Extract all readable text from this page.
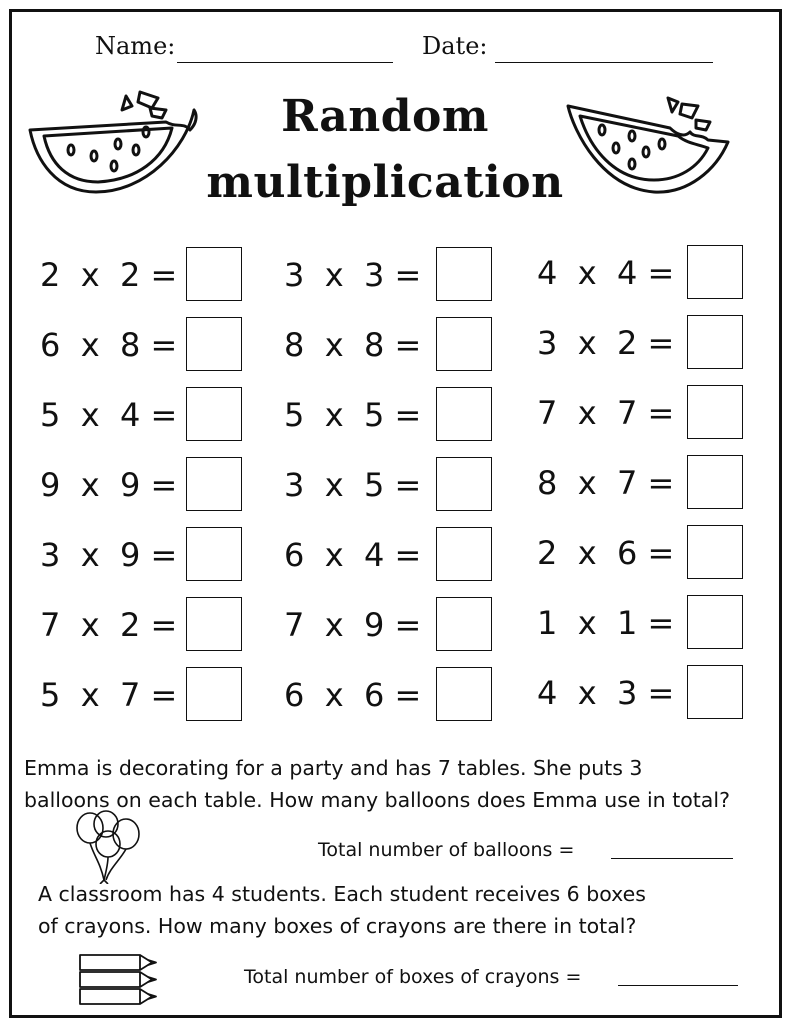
Name:	Date:
Random
multiplication
2  x  2 =	3  x  3 =	4  x  4 =
6  x  8 =	8  x  8 =	3  x  2 =
5  x  4 =	5  x  5 =	7  x  7 =
9  x  9 =	3  x  5 =	8  x  7 =
3  x  9 =	6  x  4 =	2  x  6 =
7  x  2 =	7  x  9 =	1  x  1 =
5  x  7 =	6  x  6 =	4  x  3 =
Emma is decorating for a party and has 7 tables. She puts 3
balloons on each table. How many balloons does Emma use in total?
Total number of balloons =
A classroom has 4 students. Each student receives 6 boxes
of crayons. How many boxes of crayons are there in total?
Total number of boxes of crayons =
